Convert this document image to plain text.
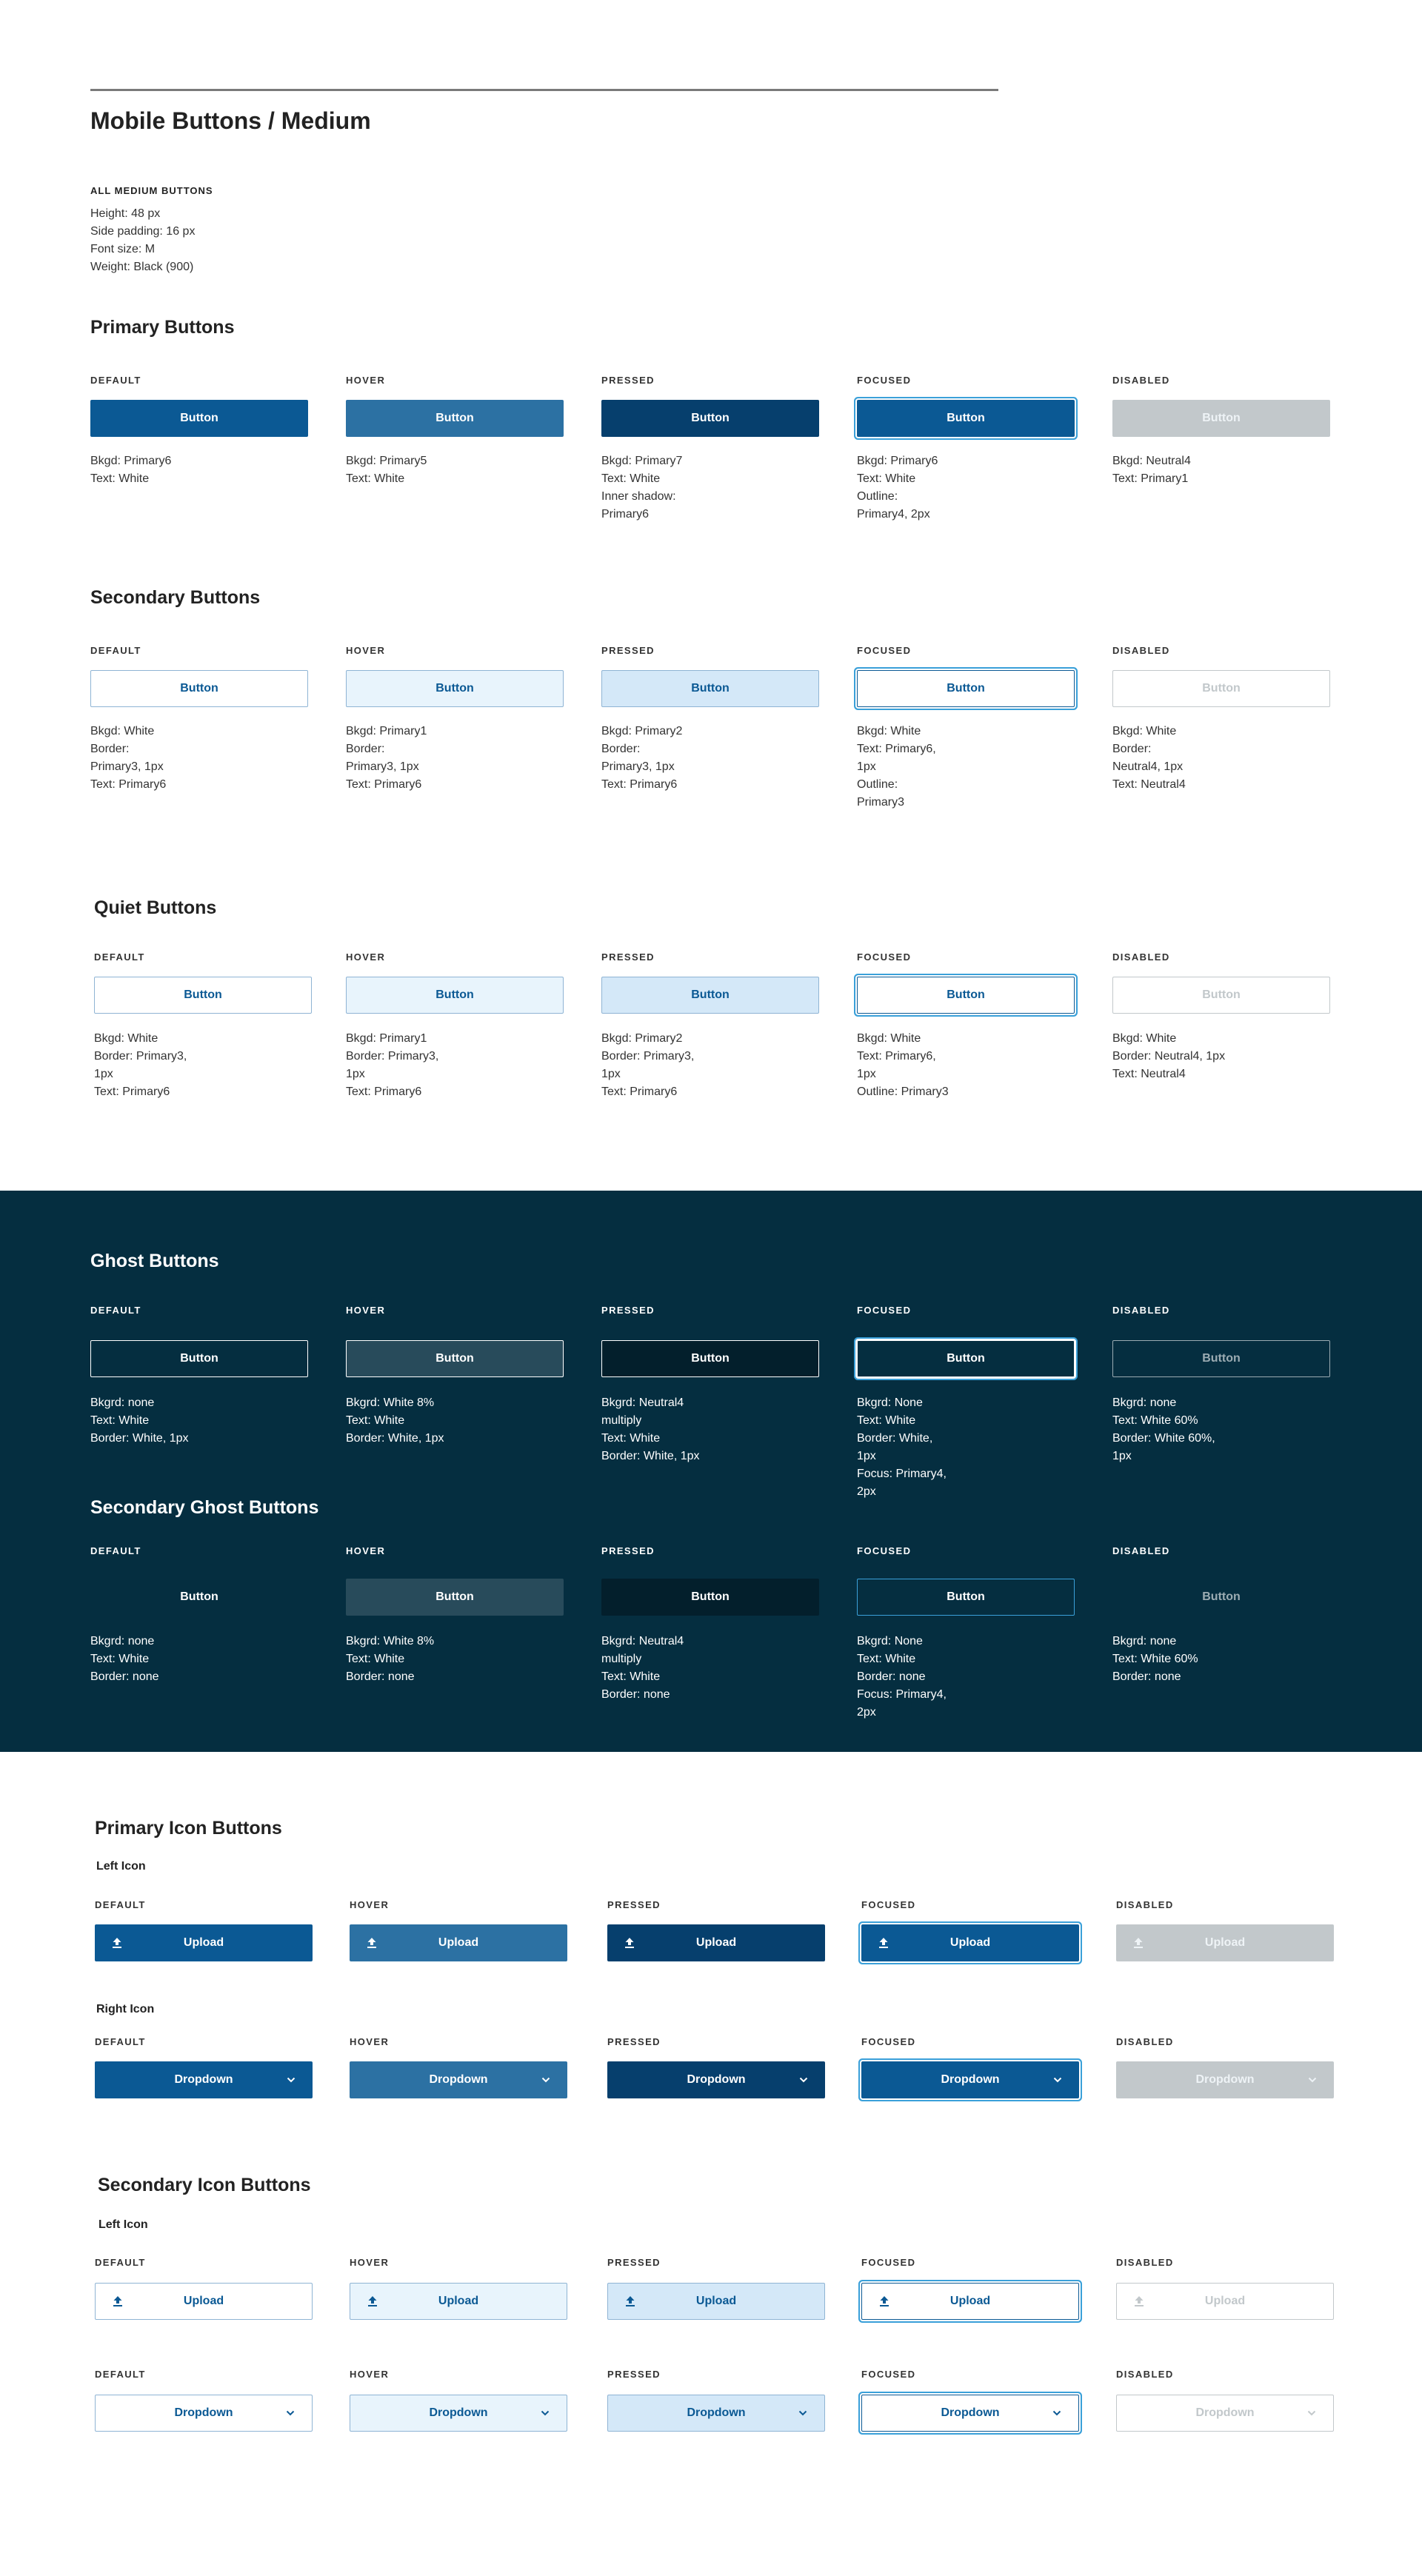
Mobile Buttons / Medium
ALL MEDIUM BUTTONS
Height: 48 px
Side padding: 16 px
Font size: M
Weight: Black (900)
Primary Buttons
DEFAULT
Button
Bkgd: Primary6
Text: White
HOVER
Button
Bkgd: Primary5
Text: White
PRESSED
Button
Bkgd: Primary7
Text: White
Inner shadow:
Primary6
FOCUSED
Button
Bkgd: Primary6
Text: White
Outline:
Primary4, 2px
DISABLED
Button
Bkgd: Neutral4
Text: Primary1
Secondary Buttons
DEFAULT
Button
Bkgd: White
Border:
Primary3, 1px
Text: Primary6
HOVER
Button
Bkgd: Primary1
Border:
Primary3, 1px
Text: Primary6
PRESSED
Button
Bkgd: Primary2
Border:
Primary3, 1px
Text: Primary6
FOCUSED
Button
Bkgd: White
Text: Primary6,
1px
Outline:
Primary3
DISABLED
Button
Bkgd: White
Border:
Neutral4, 1px
Text: Neutral4
Quiet Buttons
DEFAULT
Button
Bkgd: White
Border: Primary3,
1px
Text: Primary6
HOVER
Button
Bkgd: Primary1
Border: Primary3,
1px
Text: Primary6
PRESSED
Button
Bkgd: Primary2
Border: Primary3,
1px
Text: Primary6
FOCUSED
Button
Bkgd: White
Text: Primary6,
1px
Outline: Primary3
DISABLED
Button
Bkgd: White
Border: Neutral4, 1px
Text: Neutral4
Ghost Buttons
DEFAULT
Button
Bkgrd: none
Text: White
Border: White, 1px
HOVER
Button
Bkgrd: White 8%
Text: White
Border: White, 1px
PRESSED
Button
Bkgrd: Neutral4
multiply
Text: White
Border: White, 1px
FOCUSED
Button
Bkgrd: None
Text: White
Border: White,
1px
Focus: Primary4,
2px
DISABLED
Button
Bkgrd: none
Text: White 60%
Border: White 60%,
1px
Secondary Ghost Buttons
DEFAULT
Button
Bkgrd: none
Text: White
Border: none
HOVER
Button
Bkgrd: White 8%
Text: White
Border: none
PRESSED
Button
Bkgrd: Neutral4
multiply
Text: White
Border: none
FOCUSED
Button
Bkgrd: None
Text: White
Border: none
Focus: Primary4,
2px
DISABLED
Button
Bkgrd: none
Text: White 60%
Border: none
Primary Icon Buttons
Left Icon
DEFAULT
Upload
HOVER
Upload
PRESSED
Upload
FOCUSED
Upload
DISABLED
Upload
Right Icon
DEFAULT
Dropdown
HOVER
Dropdown
PRESSED
Dropdown
FOCUSED
Dropdown
DISABLED
Dropdown
Secondary Icon Buttons
Left Icon
DEFAULT
Upload
HOVER
Upload
PRESSED
Upload
FOCUSED
Upload
DISABLED
Upload
DEFAULT
Dropdown
HOVER
Dropdown
PRESSED
Dropdown
FOCUSED
Dropdown
DISABLED
Dropdown
